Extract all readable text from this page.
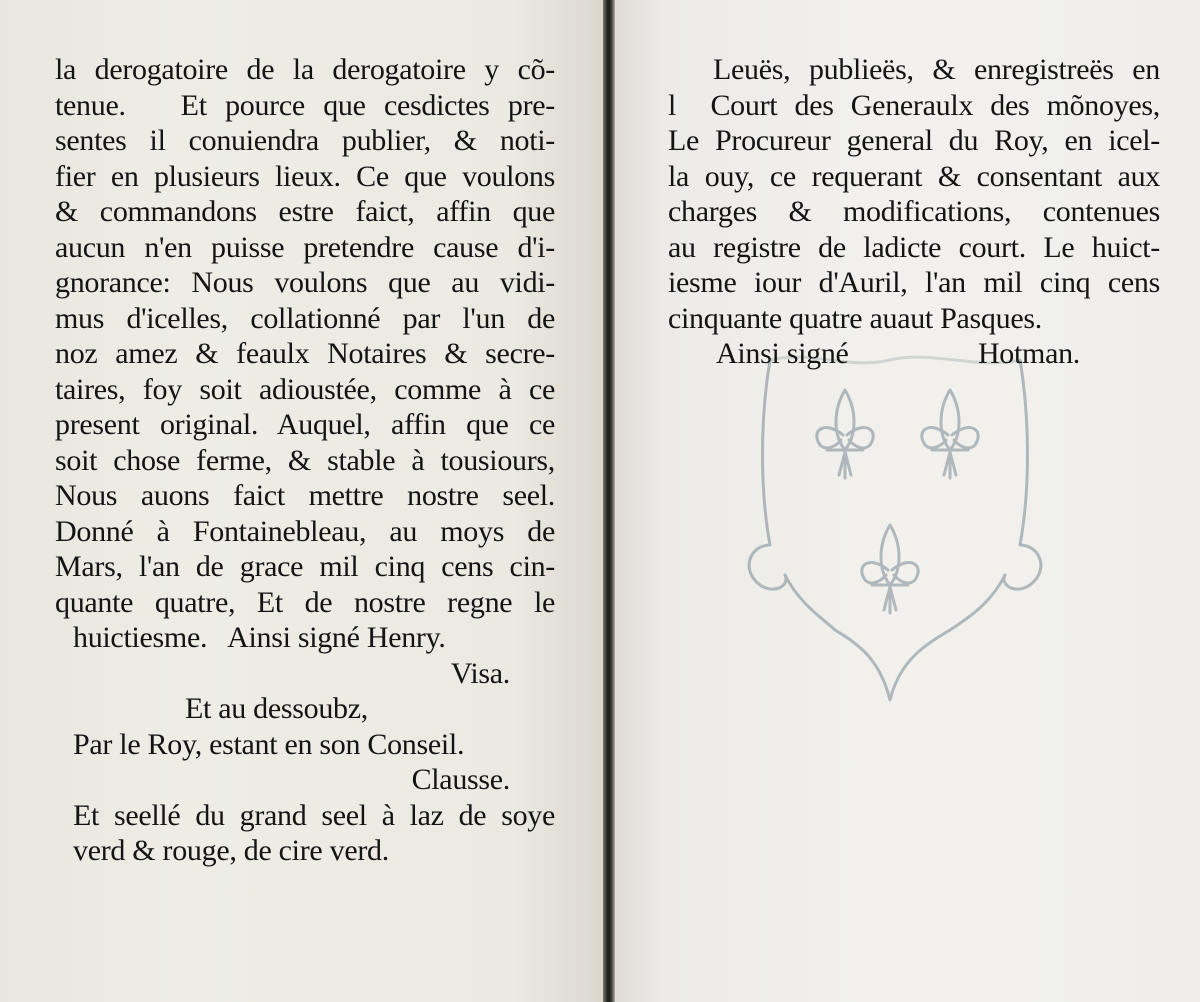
la derogatoire de la derogatoire y cõ-
tenue.   Et pource que cesdictes pre-
sentes il conuiendra publier, & noti-
fier en plusieurs lieux. Ce que voulons
& commandons estre faict, affin que
aucun n'en puisse pretendre cause d'i-
gnorance: Nous voulons que au vidi-
mus d'icelles, collationné par l'un de
noz amez & feaulx Notaires & secre-
taires, foy soit adioustée, comme à ce
present original. Auquel, affin que ce
soit chose ferme, & stable à tousiours,
Nous auons faict mettre nostre seel.
Donné à Fontainebleau, au moys de
Mars, l'an de grace mil cinq cens cin-
quante quatre, Et de nostre regne le
huictiesme.   Ainsi signé Henry.
Visa.
Et au dessoubz,
Par le Roy, estant en son Conseil.
Clausse.
Et seellé du grand seel à laz de soye
verd & rouge, de cire verd.
Leuës, publieës, & enregistreës en
l  Court des Generaulx des mõnoyes,
Le Procureur general du Roy, en icel-
la ouy, ce requerant & consentant aux
charges & modifications, contenues
au registre de ladicte court. Le huict-
iesme iour d'Auril, l'an mil cinq cens
cinquante quatre auaut Pasques.
Ainsi signé	Hotman.
